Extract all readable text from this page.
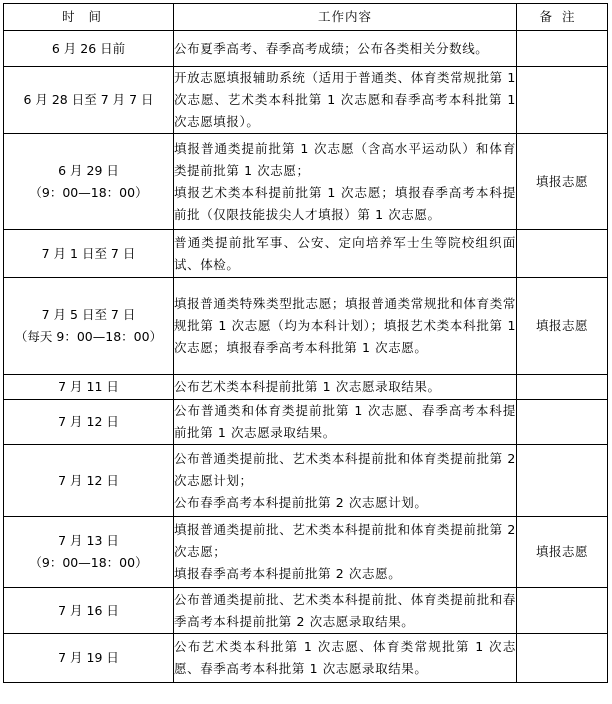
时间	工作内容	备注

6 月 26 日前	公布夏季高考、春季高考成绩；公布各类相关分数线。	

6 月 28 日至 7 月 7 日	开放志愿填报辅助系统（适用于普通类、体育类常规批第 1 次志愿、艺术类本科批第 1 次志愿和春季高考本科批第 1 次志愿填报）。	

6 月 29 日
（9：00—18：00）	填报普通类提前批第 1 次志愿（含高水平运动队）和体育类提前批第 1 次志愿；
填报艺术类本科提前批第 1 次志愿；填报春季高考本科提前批（仅限技能拔尖人才填报）第 1 次志愿。	填报志愿

7 月 1 日至 7 日	普通类提前批军事、公安、定向培养军士生等院校组织面试、体检。	

7 月 5 日至 7 日
（每天 9：00—18：00）	填报普通类特殊类型批志愿；填报普通类常规批和体育类常规批第 1 次志愿（均为本科计划）；填报艺术类本科批第 1 次志愿；填报春季高考本科批第 1 次志愿。	填报志愿

7 月 11 日	公布艺术类本科提前批第 1 次志愿录取结果。	

7 月 12 日	公布普通类和体育类提前批第 1 次志愿、春季高考本科提前批第 1 次志愿录取结果。	

7 月 12 日	公布普通类提前批、艺术类本科提前批和体育类提前批第 2 次志愿计划；
公布春季高考本科提前批第 2 次志愿计划。	

7 月 13 日
（9：00—18：00）	填报普通类提前批、艺术类本科提前批和体育类提前批第 2 次志愿；
填报春季高考本科提前批第 2 次志愿。	填报志愿

7 月 16 日	公布普通类提前批、艺术类本科提前批、体育类提前批和春季高考本科提前批第 2 次志愿录取结果。	

7 月 19 日	公布艺术类本科批第 1 次志愿、体育类常规批第 1 次志愿、春季高考本科批第 1 次志愿录取结果。	
